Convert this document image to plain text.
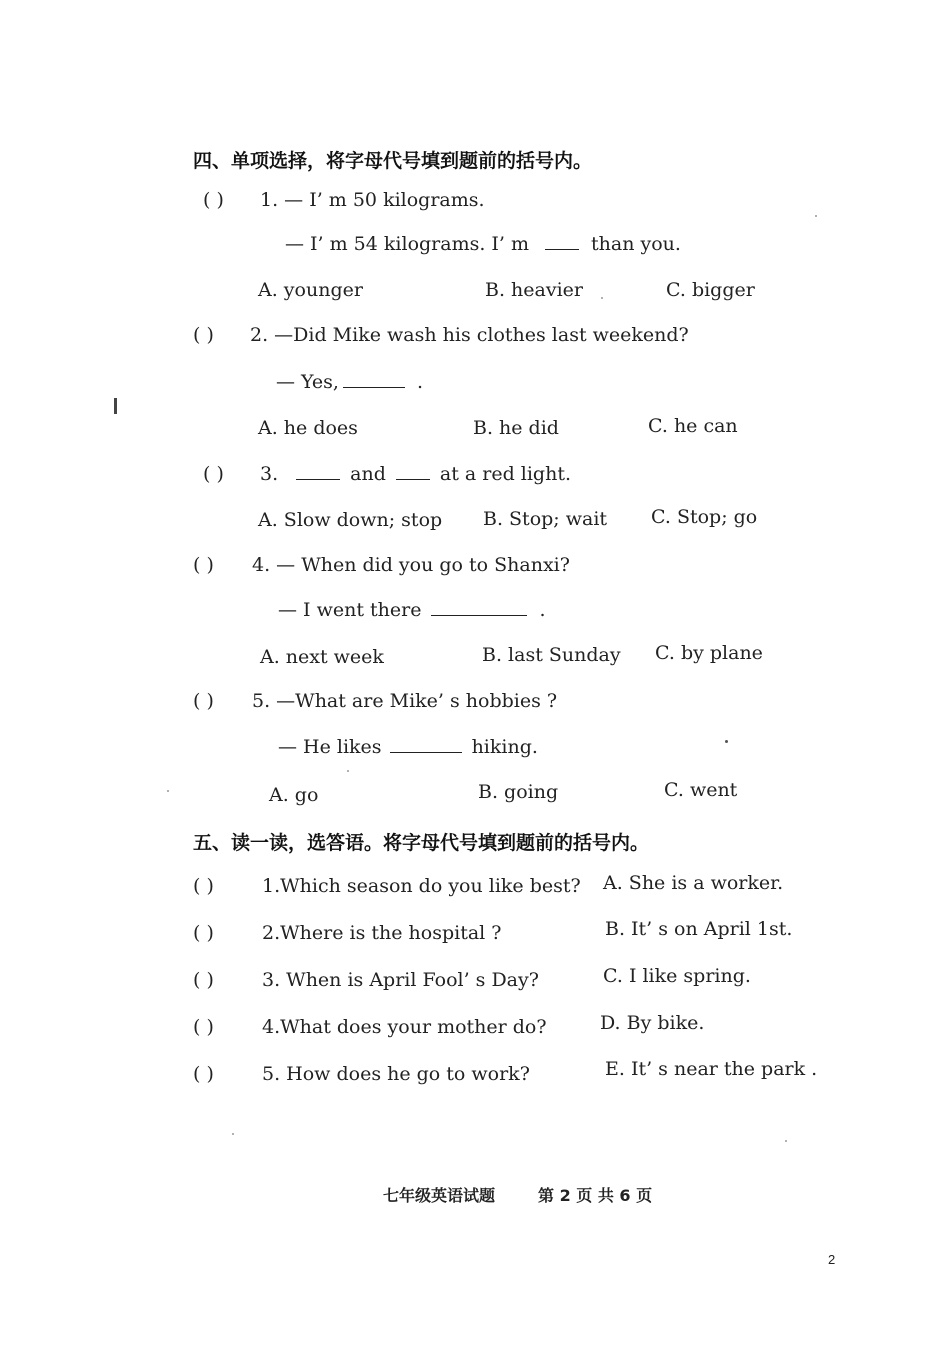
四、单项选择，将字母代号填到题前的括号内。
( ) 1. — I’ m 50 kilograms.
— I’ m 54 kilograms. I’ m	than you.
A. younger	B. heavier	C. bigger
( ) 2. —Did Mike wash his clothes last weekend?
— Yes,	.
A. he does	B. he did	C. he can
( ) 3.	and	at a red light.
A. Slow down; stop B. Stop; wait C. Stop; go
( ) 4. — When did you go to Shanxi?
— I went there	.
A. next week	B. last Sunday C. by plane
( ) 5. —What are Mike’ s hobbies ?
— He likes	hiking.
A. go	B. going	C. went
五、读一读，选答语。将字母代号填到题前的括号内。
( )	1.Which season do you like best? A. She is a worker.
( )	2.Where is the hospital ?	B. It’ s on April 1st.
( )	3. When is April Fool’ s Day?	C. I like spring.
( )	4.What does your mother do?	D. By bike.
( )	5. How does he go to work?	E. It’ s near the park .
七年级英语试题	第 2 页 共 6 页
2
